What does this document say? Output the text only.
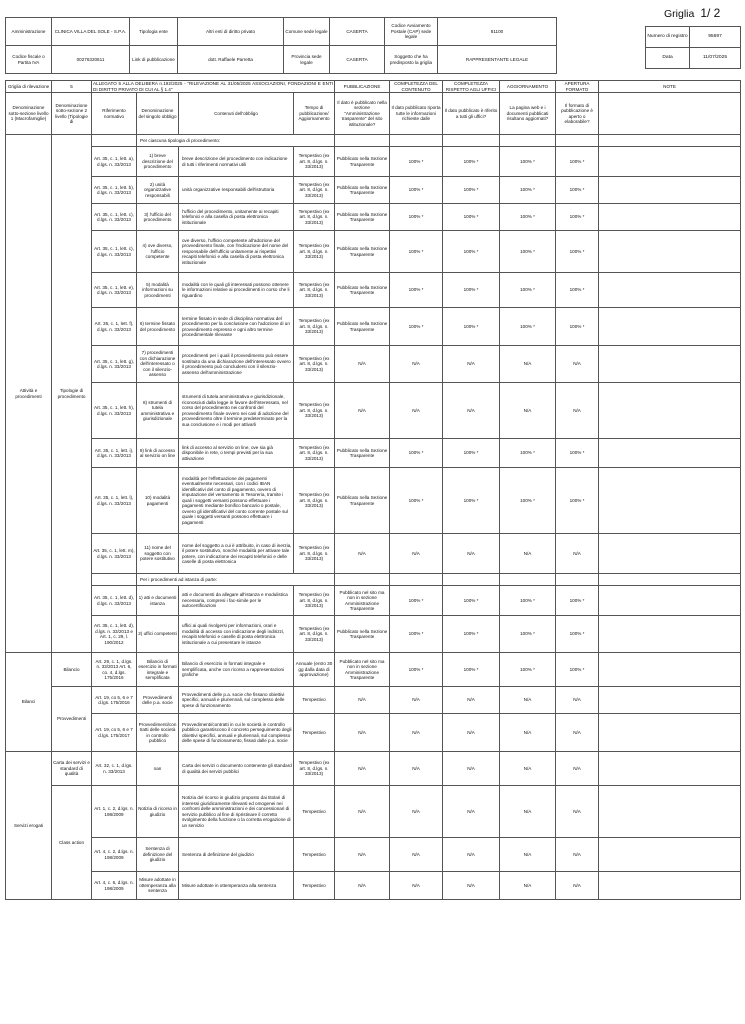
Griglia 1/ 2
Amministrazione	CLINICA VILLA DEL SOLE - S.P.A.	Tipologia ente	Altri enti di diritto privato	Comune sede legale	CASERTA	Codice Avviamento Postale (CAP) sede legale	81100
Codice fiscale o Partita IVA	00276320611	Link di pubblicazione	dott. Raffaele Parretta	Provincia sede legale	CASERTA	Soggetto che ha predisposto la griglia	RAPPRESENTANTE LEGALE
Numero di registro	95697
Data	11/07/2025
Griglia di rilevazione	5	ALLEGATO 5 ALLA DELIBERA n.192/2025 - "RILEVAZIONE AL 31/05/2025 ASSOCIAZIONI, FONDAZIONI E ENTI DI DIRITTO PRIVATO DI CUI AL § 1.4"				PUBBLICAZIONE	COMPLETEZZA DEL CONTENUTO	COMPLETEZZA RISPETTO AGLI UFFICI	AGGIORNAMENTO	APERTURA FORMATO	NOTE
Denominazione sotto-sezione livello 1 (Macrofamiglie)	Denominazione sotto-sezione 2 livello (Tipologie di	Riferimento normativo	Denominazione del singolo obbligo	Contenuti dell'obbligo	Tempo di pubblicazione/ Aggiornamento	Il dato è pubblicato nella sezione "Amministrazione trasparente" del sito istituzionale?	Il dato pubblicato riporta tutte le informazioni richieste dalle	Il dato pubblicato è riferito a tutti gli uffici?	La pagina web e i documenti pubblicati risultano aggiornati?	Il formato di pubblicazione è aperto o elaborabile?	
Attività e procedimenti	Tipologie di procedimento		Per ciascuna tipologia di procedimento:								
		Art. 35, c. 1, lett. a), d.lgs. n. 33/2013	1) breve descrizione del procedimento	breve descrizione del procedimento con indicazione di tutti i riferimenti normativi utili	Tempestivo (ex art. 8, d.lgs. n. 33/2013)	Pubblicato nella Sezione Trasparente	100% *	100% *	100% *	100% *	
		Art. 35, c. 1, lett. b), d.lgs. n. 33/2013	2) unità organizzative responsabili	unità organizzative responsabili dell'istruttoria	Tempestivo (ex art. 8, d.lgs. n. 33/2013)	Pubblicato nella Sezione Trasparente	100% *	100% *	100% *	100% *	
		Art. 35, c. 1, lett. c), d.lgs. n. 33/2013	3) l'ufficio del procedimento	l'ufficio del procedimento, unitamente ai recapiti telefonici e alla casella di posta elettronica istituzionale	Tempestivo (ex art. 8, d.lgs. n. 33/2013)	Pubblicato nella Sezione Trasparente	100% *	100% *	100% *	100% *	
		Art. 35, c. 1, lett. c), d.lgs. n. 33/2013	4) ove diverso, l'ufficio competente	ove diverso, l'ufficio competente all'adozione del provvedimento finale, con l'indicazione del nome del responsabile dell'ufficio unitamente ai rispettivi recapiti telefonici e alla casella di posta elettronica istituzionale	Tempestivo (ex art. 8, d.lgs. n. 33/2013)	Pubblicato nella Sezione Trasparente	100% *	100% *	100% *	100% *	
		Art. 35, c. 1, lett. e), d.lgs. n. 33/2013	5) modalità informazioni su procedimenti	modalità con le quali gli interessati possono ottenere le informazioni relative ai procedimenti in corso che li riguardino	Tempestivo (ex art. 8, d.lgs. n. 33/2013)	Pubblicato nella Sezione Trasparente	100% *	100% *	100% *	100% *	
		Art. 35, c. 1, lett. f), d.lgs. n. 33/2013	6) termine fissato del procedimento	termine fissato in sede di disciplina normativa del procedimento per la conclusione con l'adozione di un provvedimento espresso e ogni altro termine procedimentale rilevante	Tempestivo (ex art. 8, d.lgs. n. 33/2013)	Pubblicato nella Sezione Trasparente	100% *	100% *	100% *	100% *	
		Art. 35, c. 1, lett. g), d.lgs. n. 33/2013	7) procedimenti con dichiarazione dell'interessato o con il silenzio-assenso	procedimenti per i quali il provvedimento può essere sostituito da una dichiarazione dell'interessato ovvero il procedimento può concludersi con il silenzio-assenso dell'amministrazione	Tempestivo (ex art. 8, d.lgs. n. 33/2013)	N/A	N/A	N/A	N/A	N/A	
		Art. 35, c. 1, lett. h), d.lgs. n. 33/2013	8) strumenti di tutela amministrativa e giurisdizionale	strumenti di tutela amministrativa e giurisdizionale, riconosciuti dalla legge in favore dell'interessato, nel corso del procedimento nei confronti del provvedimento finale ovvero nei casi di adozione del provvedimento oltre il termine predeterminato per la sua conclusione e i modi per attivarli	Tempestivo (ex art. 8, d.lgs. n. 33/2013)	N/A	N/A	N/A	N/A	N/A	
		Art. 35, c. 1, lett. i), d.lgs. n. 33/2013	9) link di accesso al servizio on line	link di accesso al servizio on line, ove sia già disponibile in rete, o tempi previsti per la sua attivazione	Tempestivo (ex art. 8, d.lgs. n. 33/2013)	Pubblicato nella Sezione Trasparente	100% *	100% *	100% *	100% *	
		Art. 35, c. 1, lett. l), d.lgs. n. 33/2013	10) modalità pagamenti	modalità per l'effettuazione dei pagamenti eventualmente necessari, con i codici IBAN identificativi del conto di pagamento, ovvero di imputazione del versamento in Tesoreria, tramite i quali i soggetti versanti possono effettuare i pagamenti mediante bonifico bancario o postale, ovvero gli identificativi del conto corrente postale sul quale i soggetti versanti possono effettuare i pagamenti	Tempestivo (ex art. 8, d.lgs. n. 33/2013)	Pubblicato nella Sezione Trasparente	100% *	100% *	100% *	100% *	
		Art. 35, c. 1, lett. m), d.lgs. n. 33/2013	11) nome del soggetto con potere sostitutivo	nome del soggetto a cui è attribuito, in caso di inerzia, il potere sostitutivo, nonché modalità per attivare tale potere, con indicazione dei recapiti telefonici e delle caselle di posta elettronica	Tempestivo (ex art. 8, d.lgs. n. 33/2013)	N/A	N/A	N/A	N/A	N/A	
			Per i procedimenti ad istanza di parte:								
		Art. 35, c. 1, lett. d), d.lgs. n. 33/2013	1) atti e documenti istanza	atti e documenti da allegare all'istanza e modulistica necessaria, compresi i fac-simile per le autocertificazioni	Tempestivo (ex art. 8, d.lgs. n. 33/2013)	Pubblicato nel sito ma non in sezione Amministrazione Trasparente	100% *	100% *	100% *	100% *	
		Art. 35, c. 1, lett. d), d.lgs. n. 33/2013 e Art. 1, c. 29, l. 190/2012	2) uffici competenti	uffici ai quali rivolgersi per informazioni, orari e modalità di accesso con indicazione degli indirizzi, recapiti telefonici e caselle di posta elettronica istituzionale a cui presentare le istanze	Tempestivo (ex art. 8, d.lgs. n. 33/2013)	Pubblicato nella Sezione Trasparente	100% *	100% *	100% *	100% *	
Bilanci	Bilancio	Art. 29, c. 1, d.lgs. n. 33/2013 Art. 6, co. 4, d.lgs. 175/2016	Bilancio di esercizio in formati integrale e semplificata	Bilancio di esercizio in formati integrale e semplificata, anche con ricorso a rappresentazioni grafiche	Annuale (entro 30 gg dalla data di approvazione)	Pubblicato nel sito ma non in sezione Amministrazione Trasparente	100% *	100% *	100% *	100% *	
	Provvedimenti	Art. 19, co 5, 6 e 7 d.lgs. 175/2016	Provvedimenti delle p.a. socie	Provvedimenti delle p.a. socie che fissano obiettivi specifici, annuali e pluriennali, sul complesso delle spese di funzionamento	Tempestivo	N/A	N/A	N/A	N/A	N/A	
		Art. 19, co 5, 6 e 7 d.lgs. 175/2017	Provvedimenti/contratti delle società in controllo pubblico	Provvedimenti/contratti in cui le società in controllo pubblico garantiscono il concreto perseguimento degli obiettivi specifici, annuali e pluriennali, sul complesso delle spese di funzionamento, fissati dalle p.a. socie	Tempestivo	N/A	N/A	N/A	N/A	N/A	
Servizi erogati	Carta dei servizi e standard di qualità	Art. 32, c. 1, d.lgs. n. 33/2013	nan	Carta dei servizi o documento contenente gli standard di qualità dei servizi pubblici	Tempestivo (ex art. 8, d.lgs. n. 33/2013)	N/A	N/A	N/A	N/A	N/A	
	Class action	Art. 1, c. 2, d.lgs. n. 198/2009	Notizia di ricorso in giudizio	Notizia del ricorso in giudizio proposto dai titolari di interessi giuridicamente rilevanti ed omogenei nei confronti delle amministrazioni e dei concessionari di servizio pubblico al fine di ripristinare il corretto svolgimento della funzione o la corretta erogazione di un servizio	Tempestivo	N/A	N/A	N/A	N/A	N/A	
		Art. 4, c. 2, d.lgs. n. 198/2009	Sentenza di definizione del giudizio	Sentenza di definizione del giudizio	Tempestivo	N/A	N/A	N/A	N/A	N/A	
		Art. 4, c. 6, d.lgs. n. 198/2009	Misure adottate in ottemperanza alla sentenza	Misure adottate in ottemperanza alla sentenza	Tempestivo	N/A	N/A	N/A	N/A	N/A	
